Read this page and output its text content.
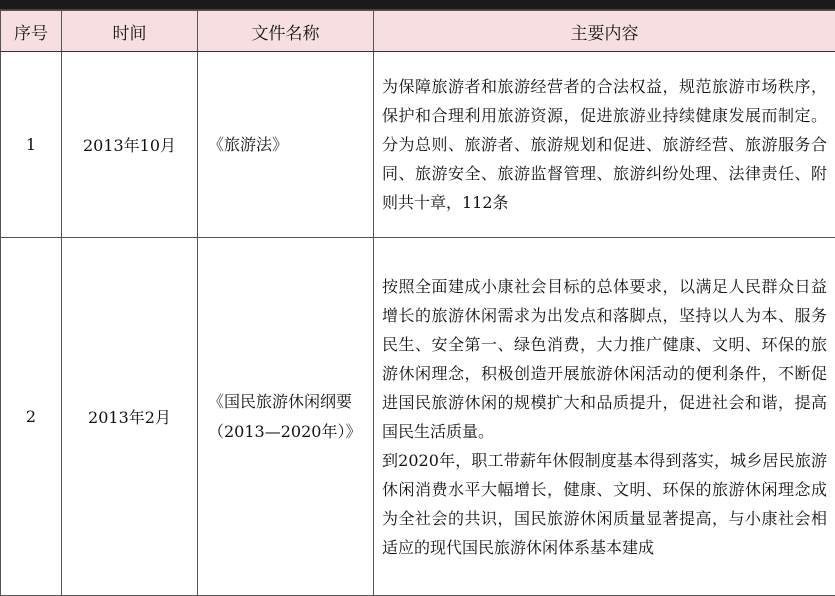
序号	时间	文件名称	主要内容
1	2013年10月	《旅游法》	为保障旅游者和旅游经营者的合法权益，规范旅游市场秩序，保护和合理利用旅游资源，促进旅游业持续健康发展而制定。分为总则、旅游者、旅游规划和促进、旅游经营、旅游服务合同、旅游安全、旅游监督管理、旅游纠纷处理、法律责任、附则共十章，112条

2	2013年2月	《国民旅游休闲纲要（2013—2020年）》	按照全面建成小康社会目标的总体要求，以满足人民群众日益增长的旅游休闲需求为出发点和落脚点，坚持以人为本、服务民生、安全第一、绿色消费，大力推广健康、文明、环保的旅游休闲理念，积极创造开展旅游休闲活动的便利条件，不断促进国民旅游休闲的规模扩大和品质提升，促进社会和谐，提高国民生活质量。
到2020年，职工带薪年休假制度基本得到落实，城乡居民旅游休闲消费水平大幅增长，健康、文明、环保的旅游休闲理念成为全社会的共识，国民旅游休闲质量显著提高，与小康社会相适应的现代国民旅游休闲体系基本建成
